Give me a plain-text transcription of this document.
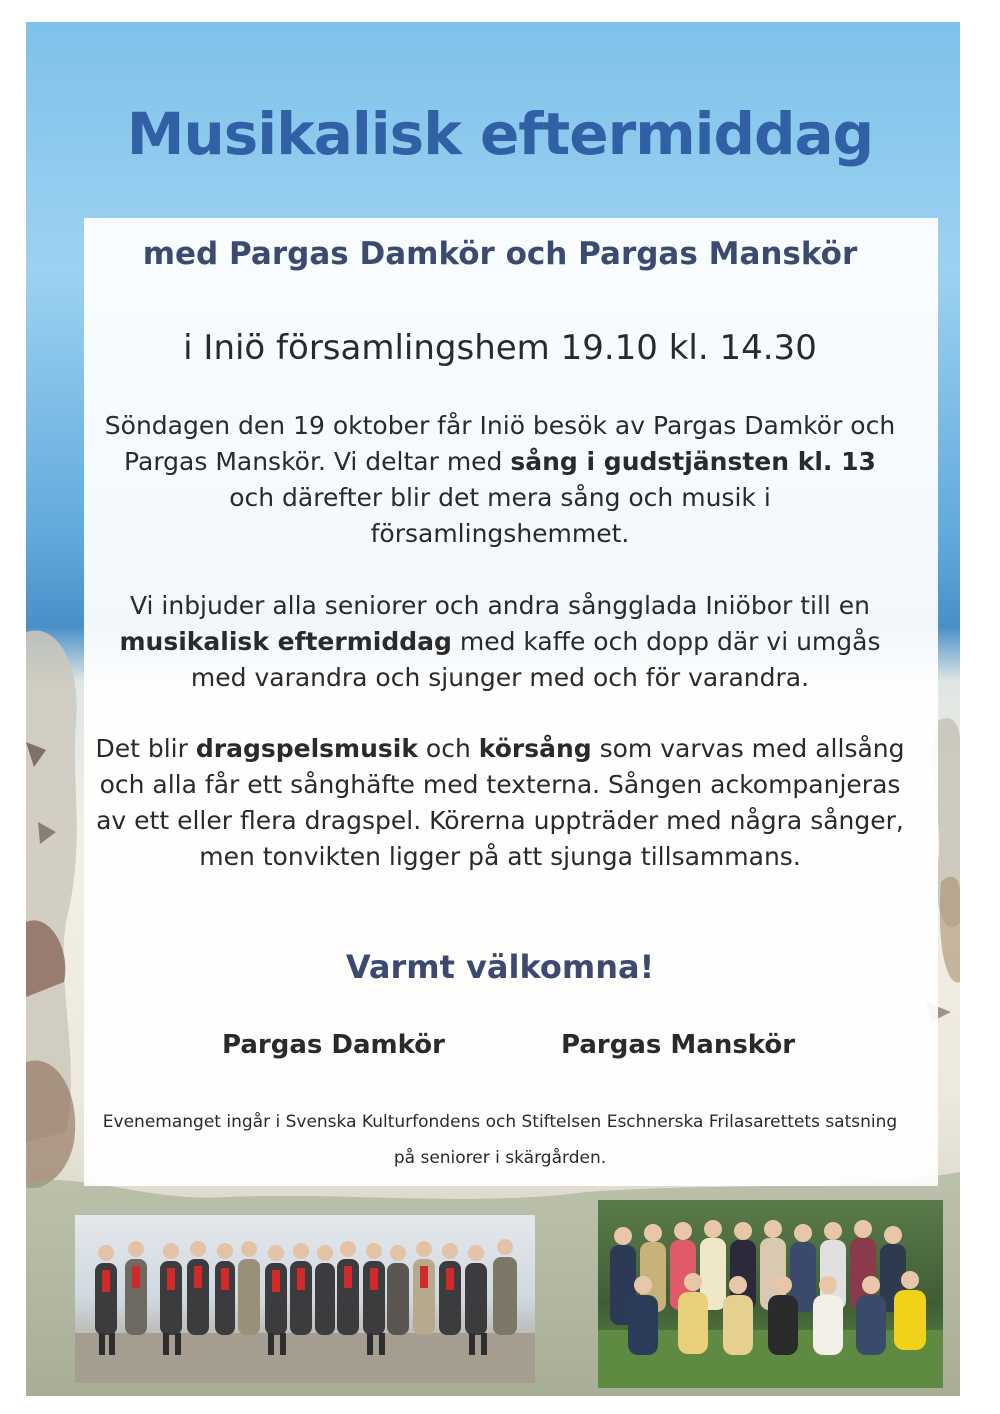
Musikalisk eftermiddag

med Pargas Damkör och Pargas Manskör

i Iniö församlingshem 19.10 kl. 14.30

Söndagen den 19 oktober får Iniö besök av Pargas Damkör och Pargas Manskör. Vi deltar med sång i gudstjänsten kl. 13 och därefter blir det mera sång och musik i församlingshemmet.

Vi inbjuder alla seniorer och andra sångglada Iniöbor till en musikalisk eftermiddag med kaffe och dopp där vi umgås med varandra och sjunger med och för varandra.

Det blir dragspelsmusik och körsång som varvas med allsång och alla får ett sånghäfte med texterna. Sången ackompanjeras av ett eller flera dragspel. Körerna uppträder med några sånger, men tonvikten ligger på att sjunga tillsammans.

Varmt välkomna!

Pargas Damkör	Pargas Manskör

Evenemanget ingår i Svenska Kulturfondens och Stiftelsen Eschnerska Frilasarettets satsning på seniorer i skärgården.
